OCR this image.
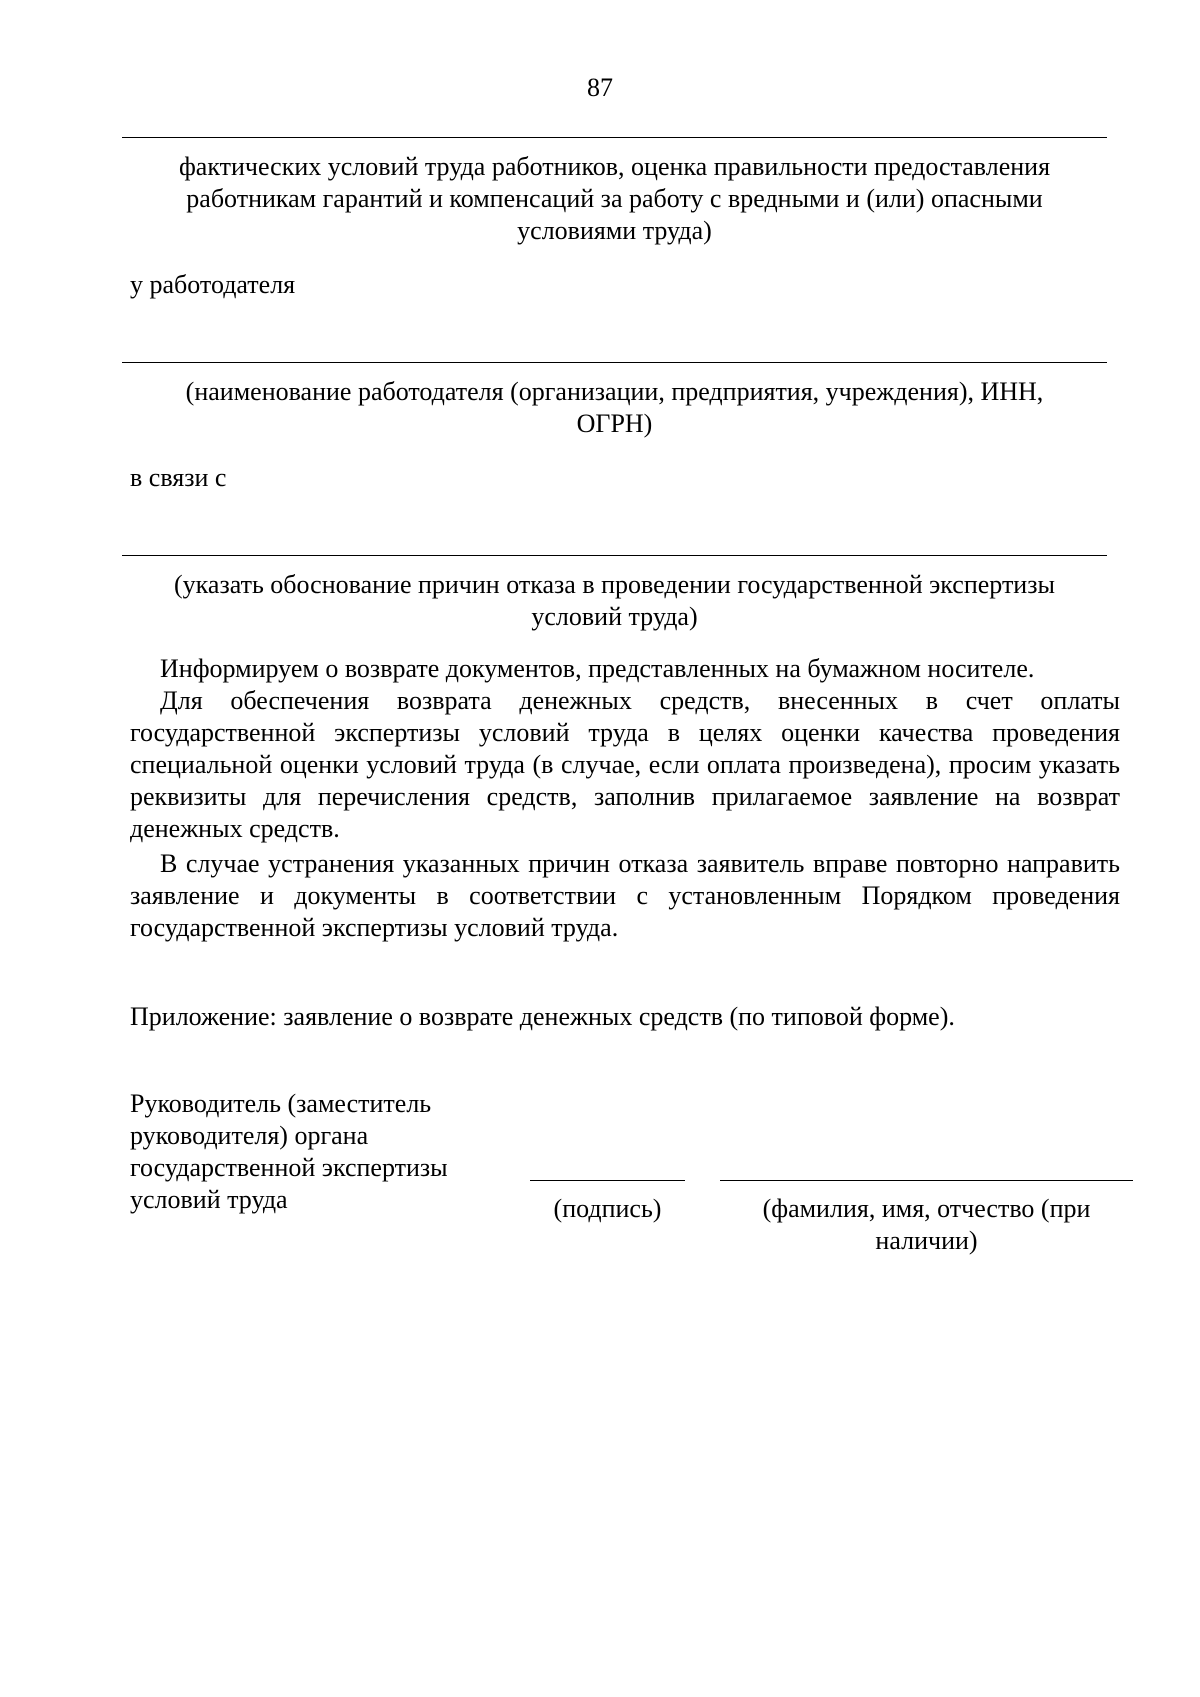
87
фактических условий труда работников, оценка правильности предоставления
работникам гарантий и компенсаций за работу с вредными и (или) опасными
условиями труда)
у работодателя
(наименование работодателя (организации, предприятия, учреждения), ИНН,
ОГРН)
в связи с
(указать обоснование причин отказа в проведении государственной экспертизы
условий труда)
Информируем о возврате документов, представленных на бумажном носителе.
Для обеспечения возврата денежных средств, внесенных в счет оплаты государственной экспертизы условий труда в целях оценки качества проведения специальной оценки условий труда (в случае, если оплата произведена), просим указать реквизиты для перечисления средств, заполнив прилагаемое заявление на возврат денежных средств.
В случае устранения указанных причин отказа заявитель вправе повторно направить заявление и документы в соответствии с установленным Порядком проведения государственной экспертизы условий труда.
Приложение: заявление о возврате денежных средств (по типовой форме).
Руководитель (заместитель
руководителя) органа
государственной экспертизы
условий труда	(подпись)	(фамилия, имя, отчество (при
наличии)
